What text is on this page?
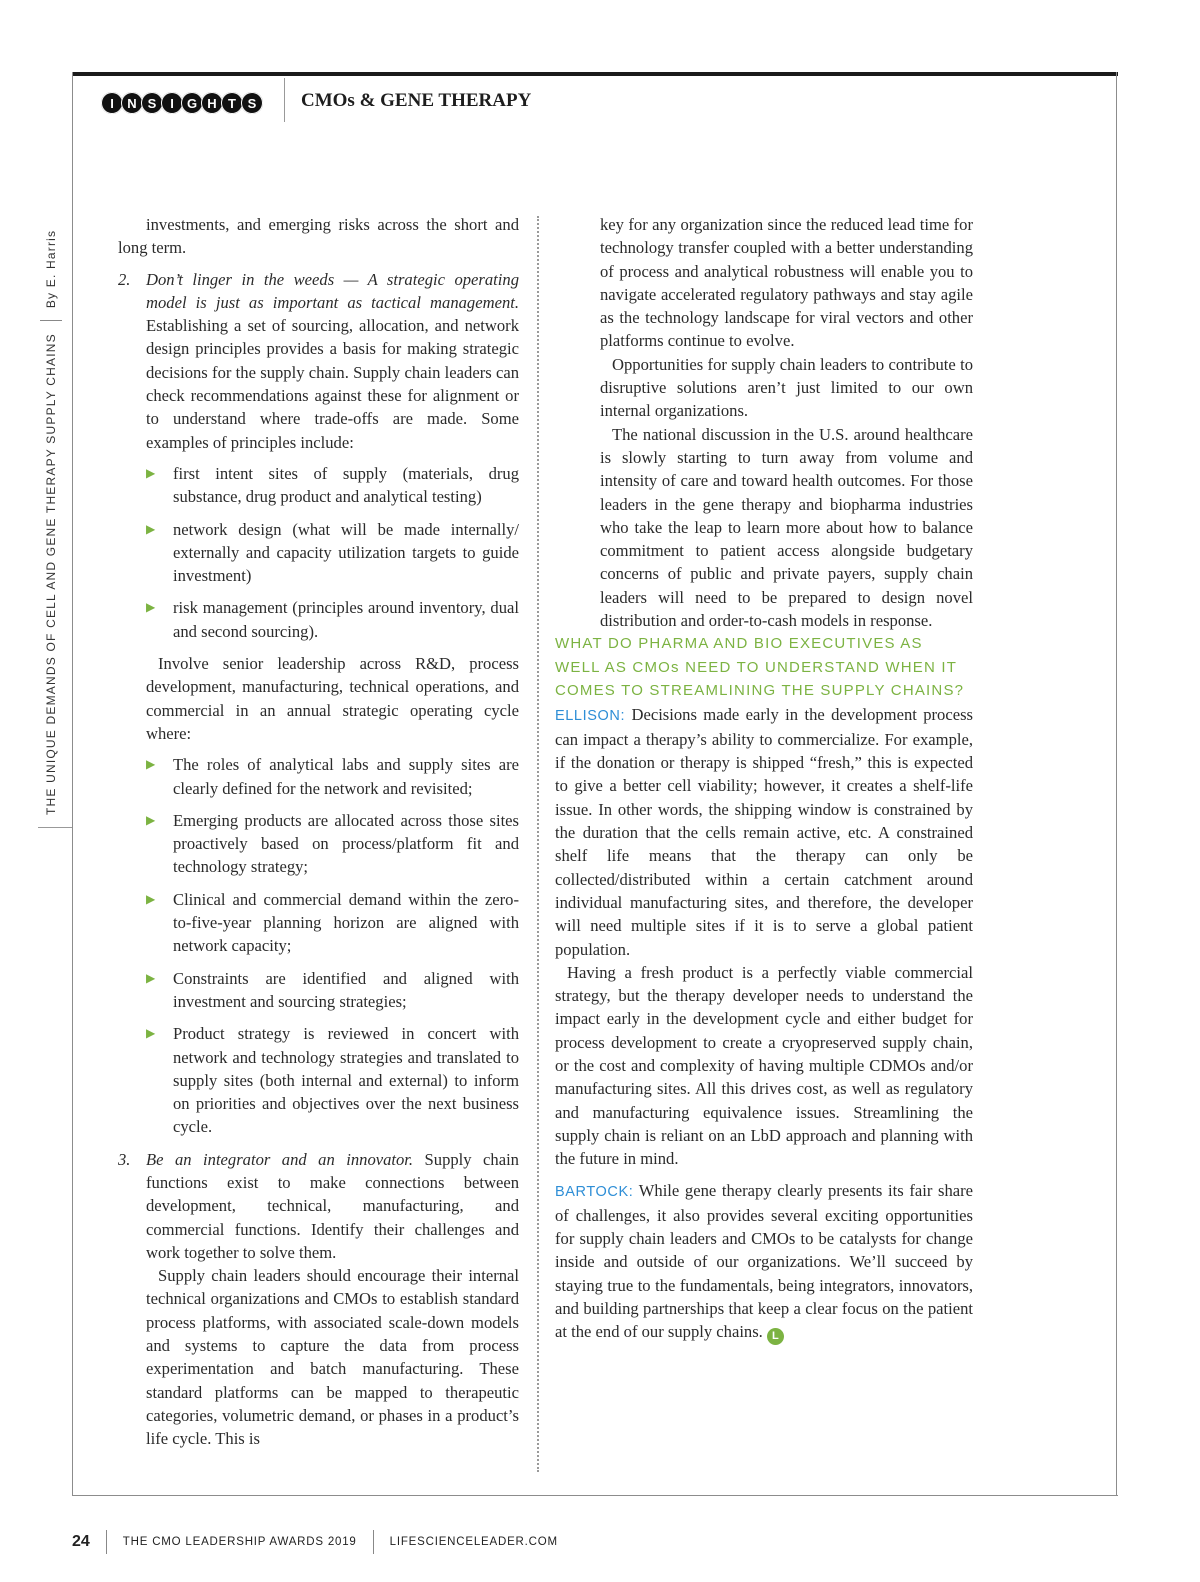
I	N S	I	G H T S	CMOs & GENE THERAPY
THE UNIQUE DEMANDS OF CELL AND GENE THERAPY SUPPLY CHAINS
By E. Harris

investments, and emerging risks across the short and long term.

2. Don’t linger in the weeds — A strategic operating model is just as important as tactical management. Establishing a set of sourcing, allocation, and network design principles provides a basis for making strategic decisions for the supply chain. Supply chain leaders can check recommendations against these for alignment or to understand where trade-offs are made. Some examples of principles include:

▶ first intent sites of supply (materials, drug substance, drug product and analytical testing)

▶ network design (what will be made internally/ externally and capacity utilization targets to guide investment)

▶ risk management (principles around inventory, dual and second sourcing).

Involve senior leadership across R&D, process development, manufacturing, technical operations, and commercial in an annual strategic operating cycle where:

▶ The roles of analytical labs and supply sites are clearly defined for the network and revisited;

▶ Emerging products are allocated across those sites proactively based on process/platform fit and technology strategy;

▶ Clinical and commercial demand within the zero-to-five-year planning horizon are aligned with network capacity;

▶ Constraints are identified and aligned with investment and sourcing strategies;

▶ Product strategy is reviewed in concert with network and technology strategies and translated to supply sites (both internal and external) to inform on priorities and objectives over the next business cycle.

3. Be an integrator and an innovator. Supply chain functions exist to make connections between development, technical, manufacturing, and commercial functions. Identify their challenges and work together to solve them.

Supply chain leaders should encourage their internal technical organizations and CMOs to establish standard process platforms, with associated scale-down models and systems to capture the data from process experimentation and batch manufacturing. These standard platforms can be mapped to therapeutic categories, volumetric demand, or phases in a product’s life cycle. This is

key for any organization since the reduced lead time for technology transfer coupled with a better understanding of process and analytical robustness will enable you to navigate accelerated regulatory pathways and stay agile as the technology landscape for viral vectors and other platforms continue to evolve.

Opportunities for supply chain leaders to contribute to disruptive solutions aren’t just limited to our own internal organizations.

The national discussion in the U.S. around healthcare is slowly starting to turn away from volume and intensity of care and toward health outcomes. For those leaders in the gene therapy and biopharma industries who take the leap to learn more about how to balance commitment to patient access alongside budgetary concerns of public and private payers, supply chain leaders will need to be prepared to design novel distribution and order-to-cash models in response.

WHAT DO PHARMA AND BIO EXECUTIVES AS WELL AS CMOs NEED TO UNDERSTAND WHEN IT COMES TO STREAMLINING THE SUPPLY CHAINS?

ELLISON: Decisions made early in the development process can impact a therapy’s ability to commercialize. For example, if the donation or therapy is shipped “fresh,” this is expected to give a better cell viability; however, it creates a shelf-life issue. In other words, the shipping window is constrained by the duration that the cells remain active, etc. A constrained shelf life means that the therapy can only be collected/distributed within a certain catchment around individual manufacturing sites, and therefore, the developer will need multiple sites if it is to serve a global patient population.

Having a fresh product is a perfectly viable commercial strategy, but the therapy developer needs to understand the impact early in the development cycle and either budget for process development to create a cryopreserved supply chain, or the cost and complexity of having multiple CDMOs and/or manufacturing sites. All this drives cost, as well as regulatory and manufacturing equivalence issues. Streamlining the supply chain is reliant on an LbD approach and planning with the future in mind.

BARTOCK: While gene therapy clearly presents its fair share of challenges, it also provides several exciting opportunities for supply chain leaders and CMOs to be catalysts for change inside and outside of our organizations. We’ll succeed by staying true to the fundamentals, being integrators, innovators, and building partnerships that keep a clear focus on the patient at the end of our supply chains. L

24	THE CMO LEADERSHIP AWARDS 2019	LIFESCIENCELEADER.COM
